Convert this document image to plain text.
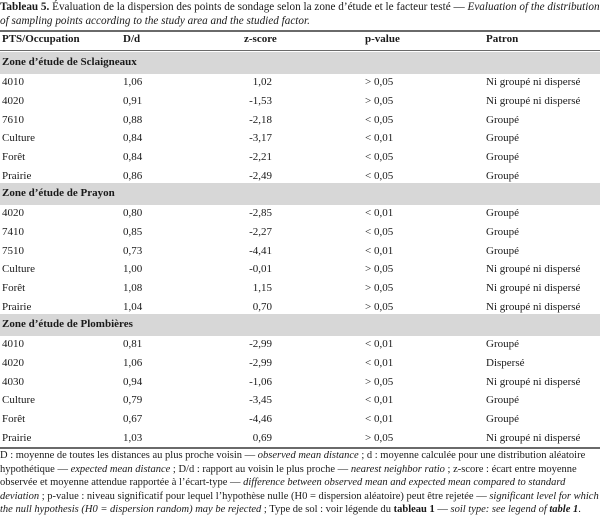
Tableau 5. Évaluation de la dispersion des points de sondage selon la zone d’étude et le facteur testé — Evaluation of the distribution of sampling points according to the study area and the studied factor.
PTS/Occupation	D/d	z-score	p-value	Patron
Zone d’étude de Sclaigneaux
4010	1,06	1,02	> 0,05	Ni groupé ni dispersé
4020	0,91	-1,53	> 0,05	Ni groupé ni dispersé
7610	0,88	-2,18	< 0,05	Groupé
Culture	0,84	-3,17	< 0,01	Groupé
Forêt	0,84	-2,21	< 0,05	Groupé
Prairie	0,86	-2,49	< 0,05	Groupé
Zone d’étude de Prayon
4020	0,80	-2,85	< 0,01	Groupé
7410	0,85	-2,27	< 0,05	Groupé
7510	0,73	-4,41	< 0,01	Groupé
Culture	1,00	-0,01	> 0,05	Ni groupé ni dispersé
Forêt	1,08	1,15	> 0,05	Ni groupé ni dispersé
Prairie	1,04	0,70	> 0,05	Ni groupé ni dispersé
Zone d’étude de Plombières
4010	0,81	-2,99	< 0,01	Groupé
4020	1,06	-2,99	< 0,01	Dispersé
4030	0,94	-1,06	> 0,05	Ni groupé ni dispersé
Culture	0,79	-3,45	< 0,01	Groupé
Forêt	0,67	-4,46	< 0,01	Groupé
Prairie	1,03	0,69	> 0,05	Ni groupé ni dispersé
D : moyenne de toutes les distances au plus proche voisin — observed mean distance ; d : moyenne calculée pour une distribution aléatoire hypothétique — expected mean distance ; D/d : rapport au voisin le plus proche — nearest neighbor ratio ; z-score : écart entre moyenne observée et moyenne attendue rapportée à l’écart-type — difference between observed mean and expected mean compared to standard deviation ; p-value : niveau significatif pour lequel l’hypothèse nulle (H0 = dispersion aléatoire) peut être rejetée — significant level for which the null hypothesis (H0 = dispersion random) may be rejected ; Type de sol : voir légende du tableau 1 — soil type: see legend of table 1.
